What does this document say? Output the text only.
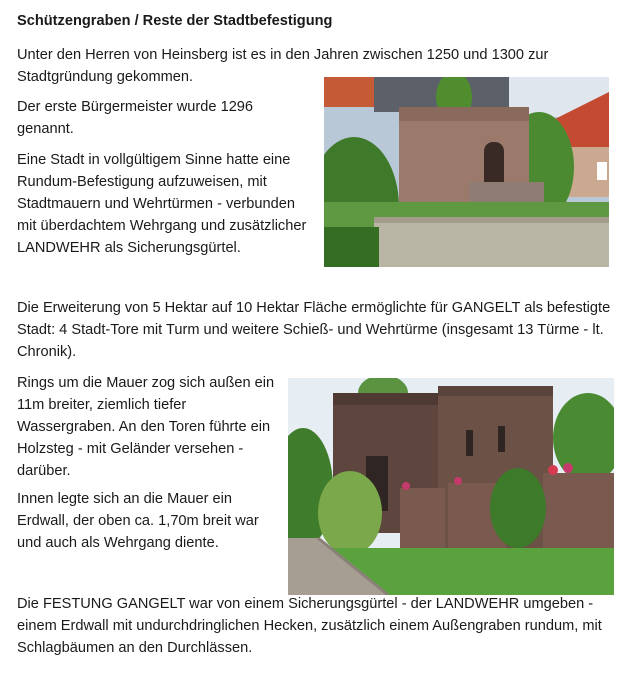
Schützengraben / Reste der Stadtbefestigung

Unter den Herren von Heinsberg ist es in den Jahren zwischen 1250 und 1300 zur Stadtgründung gekommen.

Der erste Bürgermeister wurde 1296 genannt.

Eine Stadt in vollgültigem Sinne hatte eine Rundum-Befestigung aufzuweisen, mit Stadtmauern und Wehrtürmen - verbunden mit überdachtem Wehrgang und zusätzlicher LANDWEHR als Sicherungsgürtel.

Die Erweiterung von 5 Hektar auf 10 Hektar Fläche ermöglichte für GANGELT als befestigte Stadt: 4 Stadt-Tore mit Turm und weitere Schieß- und Wehrtürme (insgesamt 13 Türme - lt. Chronik).

Rings um die Mauer zog sich außen ein 11m breiter, ziemlich tiefer Wassergraben. An den Toren führte ein Holzsteg - mit Geländer versehen - darüber.

Innen legte sich an die Mauer ein Erdwall, der oben ca. 1,70m breit war und auch als Wehrgang diente.

Die FESTUNG GANGELT war von einem Sicherungsgürtel - der LANDWEHR umgeben - einem Erdwall mit undurchdringlichen Hecken, zusätzlich einem Außengraben rundum, mit Schlagbäumen an den Durchlässen.
